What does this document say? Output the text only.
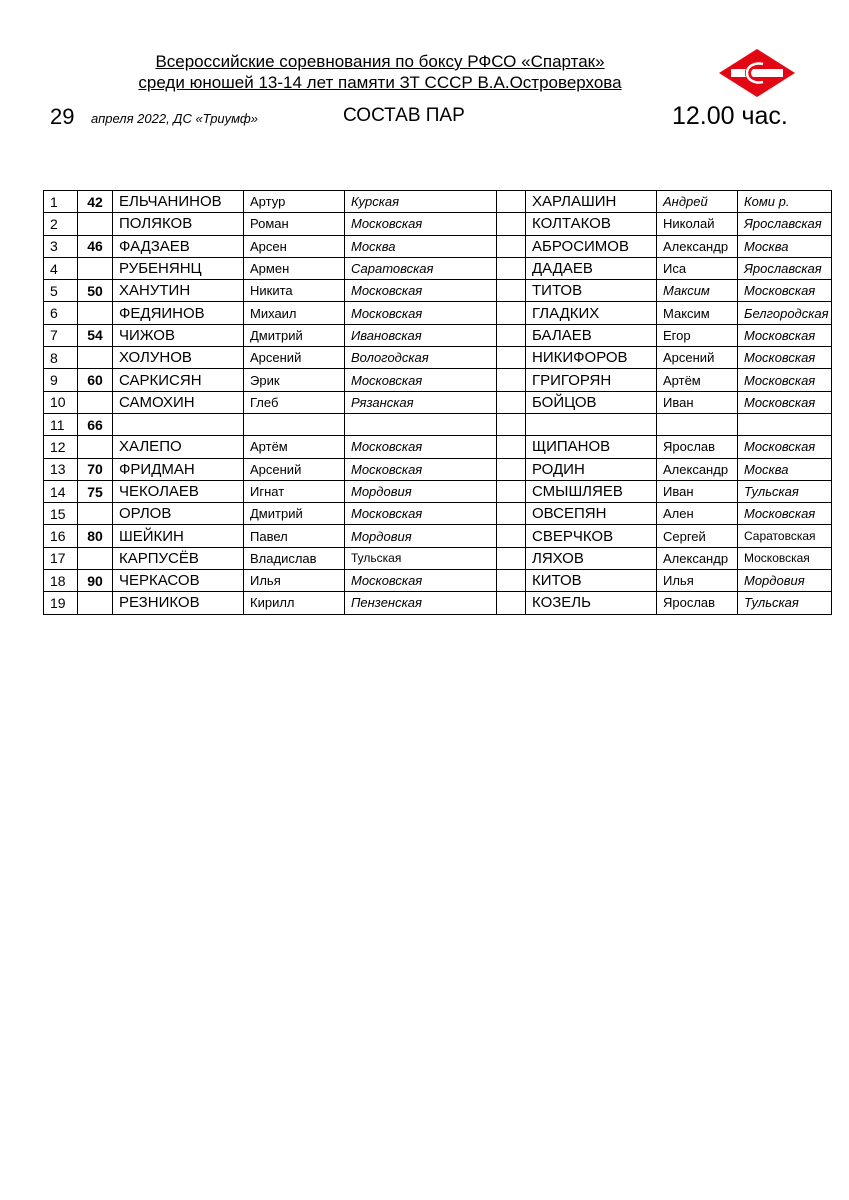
Всероссийские соревнования по боксу РФСО «Спартак»
среди юношей 13-14 лет памяти ЗТ СССР В.А.Островерхова
29 апреля 2022, ДС «Триумф»	СОСТАВ ПАР	12.00 час.
1	42	ЕЛЬЧАНИНОВ	Артур	Курская		ХАРЛАШИН	Андрей	Коми р.
2		ПОЛЯКОВ	Роман	Московская		КОЛТАКОВ	Николай	Ярославская
3	46	ФАДЗАЕВ	Арсен	Москва		АБРОСИМОВ	Александр	Москва
4		РУБЕНЯНЦ	Армен	Саратовская		ДАДАЕВ	Иса	Ярославская
5	50	ХАНУТИН	Никита	Московская		ТИТОВ	Максим	Московская
6		ФЕДЯИНОВ	Михаил	Московская		ГЛАДКИХ	Максим	Белгородская
7	54	ЧИЖОВ	Дмитрий	Ивановская		БАЛАЕВ	Егор	Московская
8		ХОЛУНОВ	Арсений	Вологодская		НИКИФОРОВ	Арсений	Московская
9	60	САРКИСЯН	Эрик	Московская		ГРИГОРЯН	Артём	Московская
10		САМОХИН	Глеб	Рязанская		БОЙЦОВ	Иван	Московская
11	66							
12		ХАЛЕПО	Артём	Московская		ЩИПАНОВ	Ярослав	Московская
13	70	ФРИДМАН	Арсений	Московская		РОДИН	Александр	Москва
14	75	ЧЕКОЛАЕВ	Игнат	Мордовия		СМЫШЛЯЕВ	Иван	Тульская
15		ОРЛОВ	Дмитрий	Московская		ОВСЕПЯН	Ален	Московская
16	80	ШЕЙКИН	Павел	Мордовия		СВЕРЧКОВ	Сергей	Саратовская
17		КАРПУСЁВ	Владислав	Тульская		ЛЯХОВ	Александр	Московская
18	90	ЧЕРКАСОВ	Илья	Московская		КИТОВ	Илья	Мордовия
19		РЕЗНИКОВ	Кирилл	Пензенская		КОЗЕЛЬ	Ярослав	Тульская
